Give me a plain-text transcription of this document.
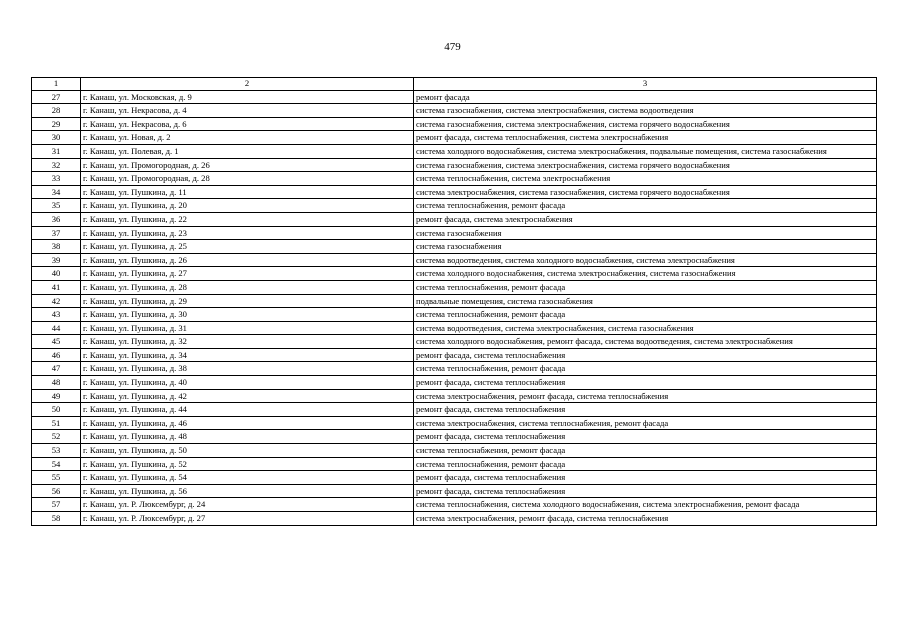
479
1	2	3
27	г. Канаш, ул. Московская, д. 9	ремонт фасада
28	г. Канаш, ул. Некрасова, д. 4	система газоснабжения, система электроснабжения, система водоотведения
29	г. Канаш, ул. Некрасова, д. 6	система газоснабжения, система электроснабжения, система горячего водоснабжения
30	г. Канаш, ул. Новая, д. 2	ремонт фасада, система теплоснабжения, система электроснабжения
31	г. Канаш, ул. Полевая, д. 1	система холодного водоснабжения, система электроснабжения, подвальные помещения, система газоснабжения
32	г. Канаш, ул. Промогородная, д. 26	система газоснабжения, система электроснабжения, система горячего водоснабжения
33	г. Канаш, ул. Промогородная, д. 28	система теплоснабжения, система электроснабжения
34	г. Канаш, ул. Пушкина, д. 11	система электроснабжения, система газоснабжения, система горячего водоснабжения
35	г. Канаш, ул. Пушкина, д. 20	система теплоснабжения, ремонт фасада
36	г. Канаш, ул. Пушкина, д. 22	ремонт фасада, система электроснабжения
37	г. Канаш, ул. Пушкина, д. 23	система газоснабжения
38	г. Канаш, ул. Пушкина, д. 25	система газоснабжения
39	г. Канаш, ул. Пушкина, д. 26	система водоотведения, система холодного водоснабжения, система электроснабжения
40	г. Канаш, ул. Пушкина, д. 27	система холодного водоснабжения, система электроснабжения, система газоснабжения
41	г. Канаш, ул. Пушкина, д. 28	система теплоснабжения, ремонт фасада
42	г. Канаш, ул. Пушкина, д. 29	подвальные помещения, система газоснабжения
43	г. Канаш, ул. Пушкина, д. 30	система теплоснабжения, ремонт фасада
44	г. Канаш, ул. Пушкина, д. 31	система водоотведения, система электроснабжения, система газоснабжения
45	г. Канаш, ул. Пушкина, д. 32	система холодного водоснабжения, ремонт фасада, система водоотведения, система электроснабжения
46	г. Канаш, ул. Пушкина, д. 34	ремонт фасада, система теплоснабжения
47	г. Канаш, ул. Пушкина, д. 38	система теплоснабжения, ремонт фасада
48	г. Канаш, ул. Пушкина, д. 40	ремонт фасада, система теплоснабжения
49	г. Канаш, ул. Пушкина, д. 42	система электроснабжения, ремонт фасада, система теплоснабжения
50	г. Канаш, ул. Пушкина, д. 44	ремонт фасада, система теплоснабжения
51	г. Канаш, ул. Пушкина, д. 46	система электроснабжения, система теплоснабжения, ремонт фасада
52	г. Канаш, ул. Пушкина, д. 48	ремонт фасада, система теплоснабжения
53	г. Канаш, ул. Пушкина, д. 50	система теплоснабжения, ремонт фасада
54	г. Канаш, ул. Пушкина, д. 52	система теплоснабжения, ремонт фасада
55	г. Канаш, ул. Пушкина, д. 54	ремонт фасада, система теплоснабжения
56	г. Канаш, ул. Пушкина, д. 56	ремонт фасада, система теплоснабжения
57	г. Канаш, ул. Р. Люксембург, д. 24	система теплоснабжения, система холодного водоснабжения, система электроснабжения, ремонт фасада
58	г. Канаш, ул. Р. Люксембург, д. 27	система электроснабжения, ремонт фасада, система теплоснабжения
